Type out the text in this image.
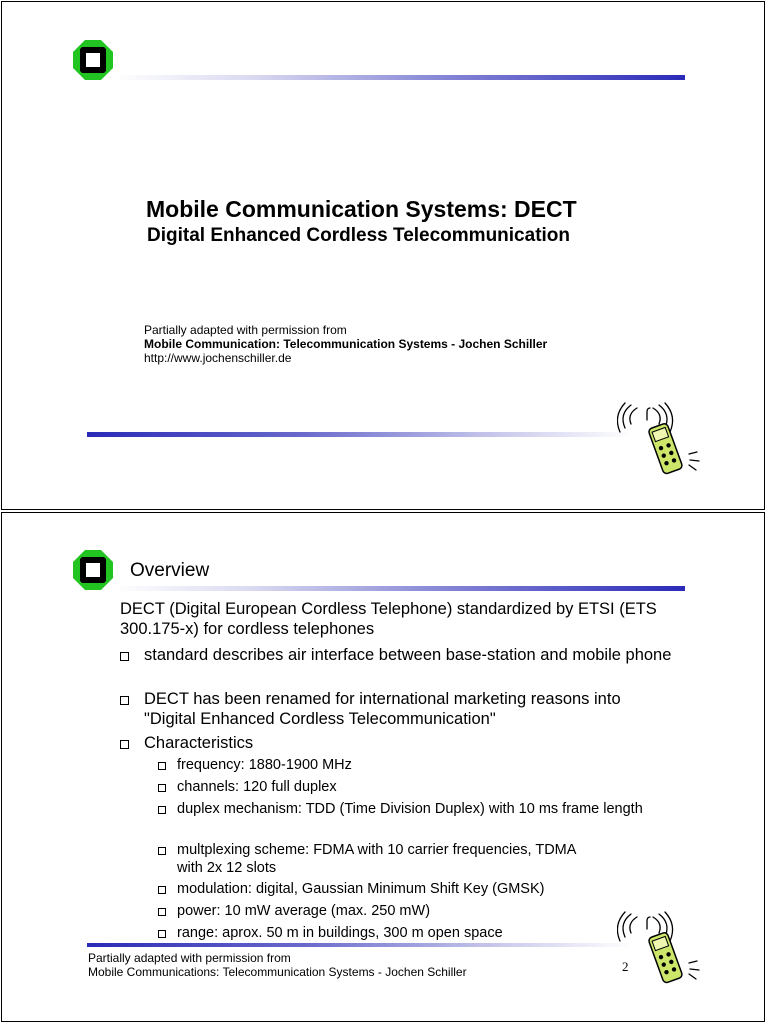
Mobile Communication Systems: DECT
Digital Enhanced Cordless Telecommunication
Partially adapted with permission from
Mobile Communication: Telecommunication Systems - Jochen Schiller
http://www.jochenschiller.de
Overview
DECT (Digital European Cordless Telephone) standardized by ETSI (ETS 300.175-x) for cordless telephones
standard describes air interface between base-station and mobile phone
DECT has been renamed for international marketing reasons into "Digital Enhanced Cordless Telecommunication"
Characteristics
frequency: 1880-1900 MHz
channels: 120 full duplex
duplex mechanism: TDD (Time Division Duplex) with 10 ms frame length
multplexing scheme: FDMA with 10 carrier frequencies, TDMA with 2x 12 slots
modulation: digital, Gaussian Minimum Shift Key (GMSK)
power: 10 mW average (max. 250 mW)
range: aprox. 50 m in buildings, 300 m open space
Partially adapted with permission from
Mobile Communications: Telecommunication Systems - Jochen Schiller	2
